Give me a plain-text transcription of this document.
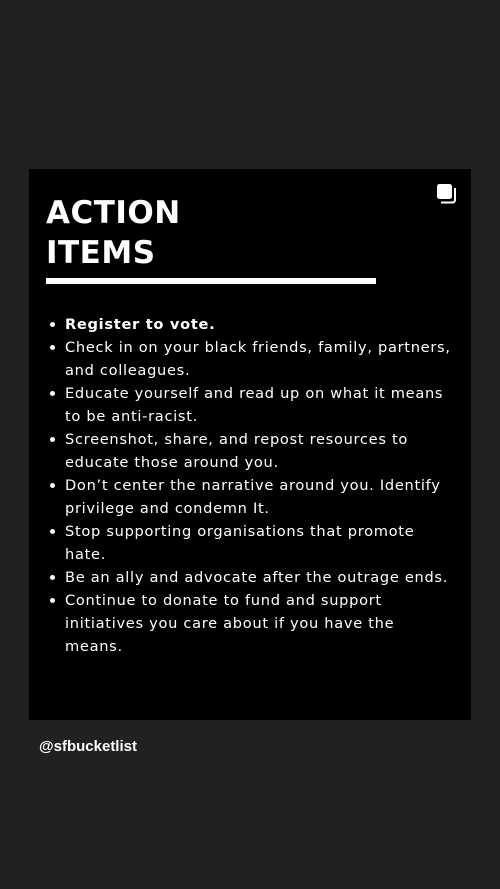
ACTION
ITEMS
Register to vote.
Check in on your black friends, family, partners, and colleagues.
Educate yourself and read up on what it means to be anti-racist.
Screenshot, share, and repost resources to educate those around you.
Don’t center the narrative around you. Identify privilege and condemn It.
Stop supporting organisations that promote hate.
Be an ally and advocate after the outrage ends.
Continue to donate to fund and support initiatives you care about if you have the means.
@sfbucketlist
